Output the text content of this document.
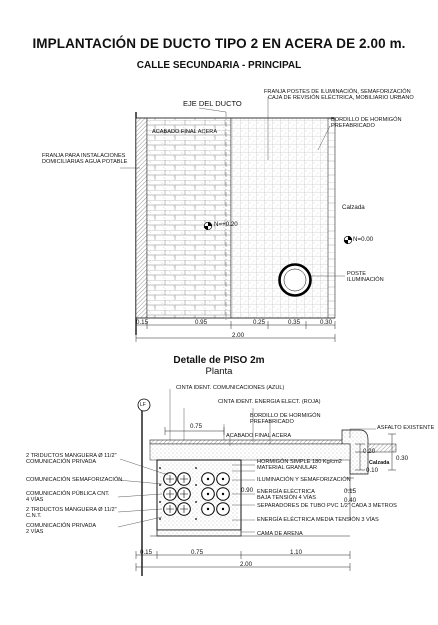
IMPLANTACIÓN DE DUCTO TIPO 2 EN ACERA DE 2.00 m.
CALLE SECUNDARIA - PRINCIPAL
EJE DEL DUCTO
FRANJA POSTES DE ILUMINACIÓN, SEMAFORIZACIÓN
CAJA DE REVISIÓN ELÉCTRICA, MOBILIARIO URBANO
BORDILLO DE HORMIGÓN
PREFABRICADO
ACABADO FINAL ACERA
FRANJA PARA INSTALACIONES
DOMICILIARIAS AGUA POTABLE
N=+0.20
N=0.00
Calzada
POSTE
ILUMINACIÓN
0.15	0.95	0.25	0.35	0.30
2.00
Detalle de PISO 2m
Planta
LF
CINTA IDENT. COMUNICACIONES (AZUL)
CINTA IDENT. ENERGIA ELECT. (ROJA)
0.75
BORDILLO DE HORMIGÓN
PREFABRICADO
ASFALTO EXISTENTE
ACABADO FINAL ACERA
2 TRIDUCTOS MANGUERA Ø 11/2"
COMUNICACIÓN PRIVADA
COMUNICACIÓN SEMAFORIZACIÓN
COMUNICACIÓN PÚBLICA CNT.
4 VÍAS
2 TRIDUCTOS MANGUERA Ø 11/2"
C.N.T.
COMUNICACIÓN PRIVADA
2 VÍAS
HORMIGÓN SIMPLE 180 Kg/cm2
MATERIAL GRANULAR
ILUMINACIÓN Y SEMAFORIZACIÓN
0.90 ENERGÍA ELÉCTRICA
BAJA TENSIÓN 4 VÍAS
SEPARADORES DE TUBO PVC 1/2" CADA 3 METROS
ENERGÍA ELÉCTRICA MEDIA TENSIÓN 3 VÍAS
CAMA DE ARENA
Calzada
0.20
0.10
0.30
0.15
0.40
0.15	0.75	1.10
2.00
